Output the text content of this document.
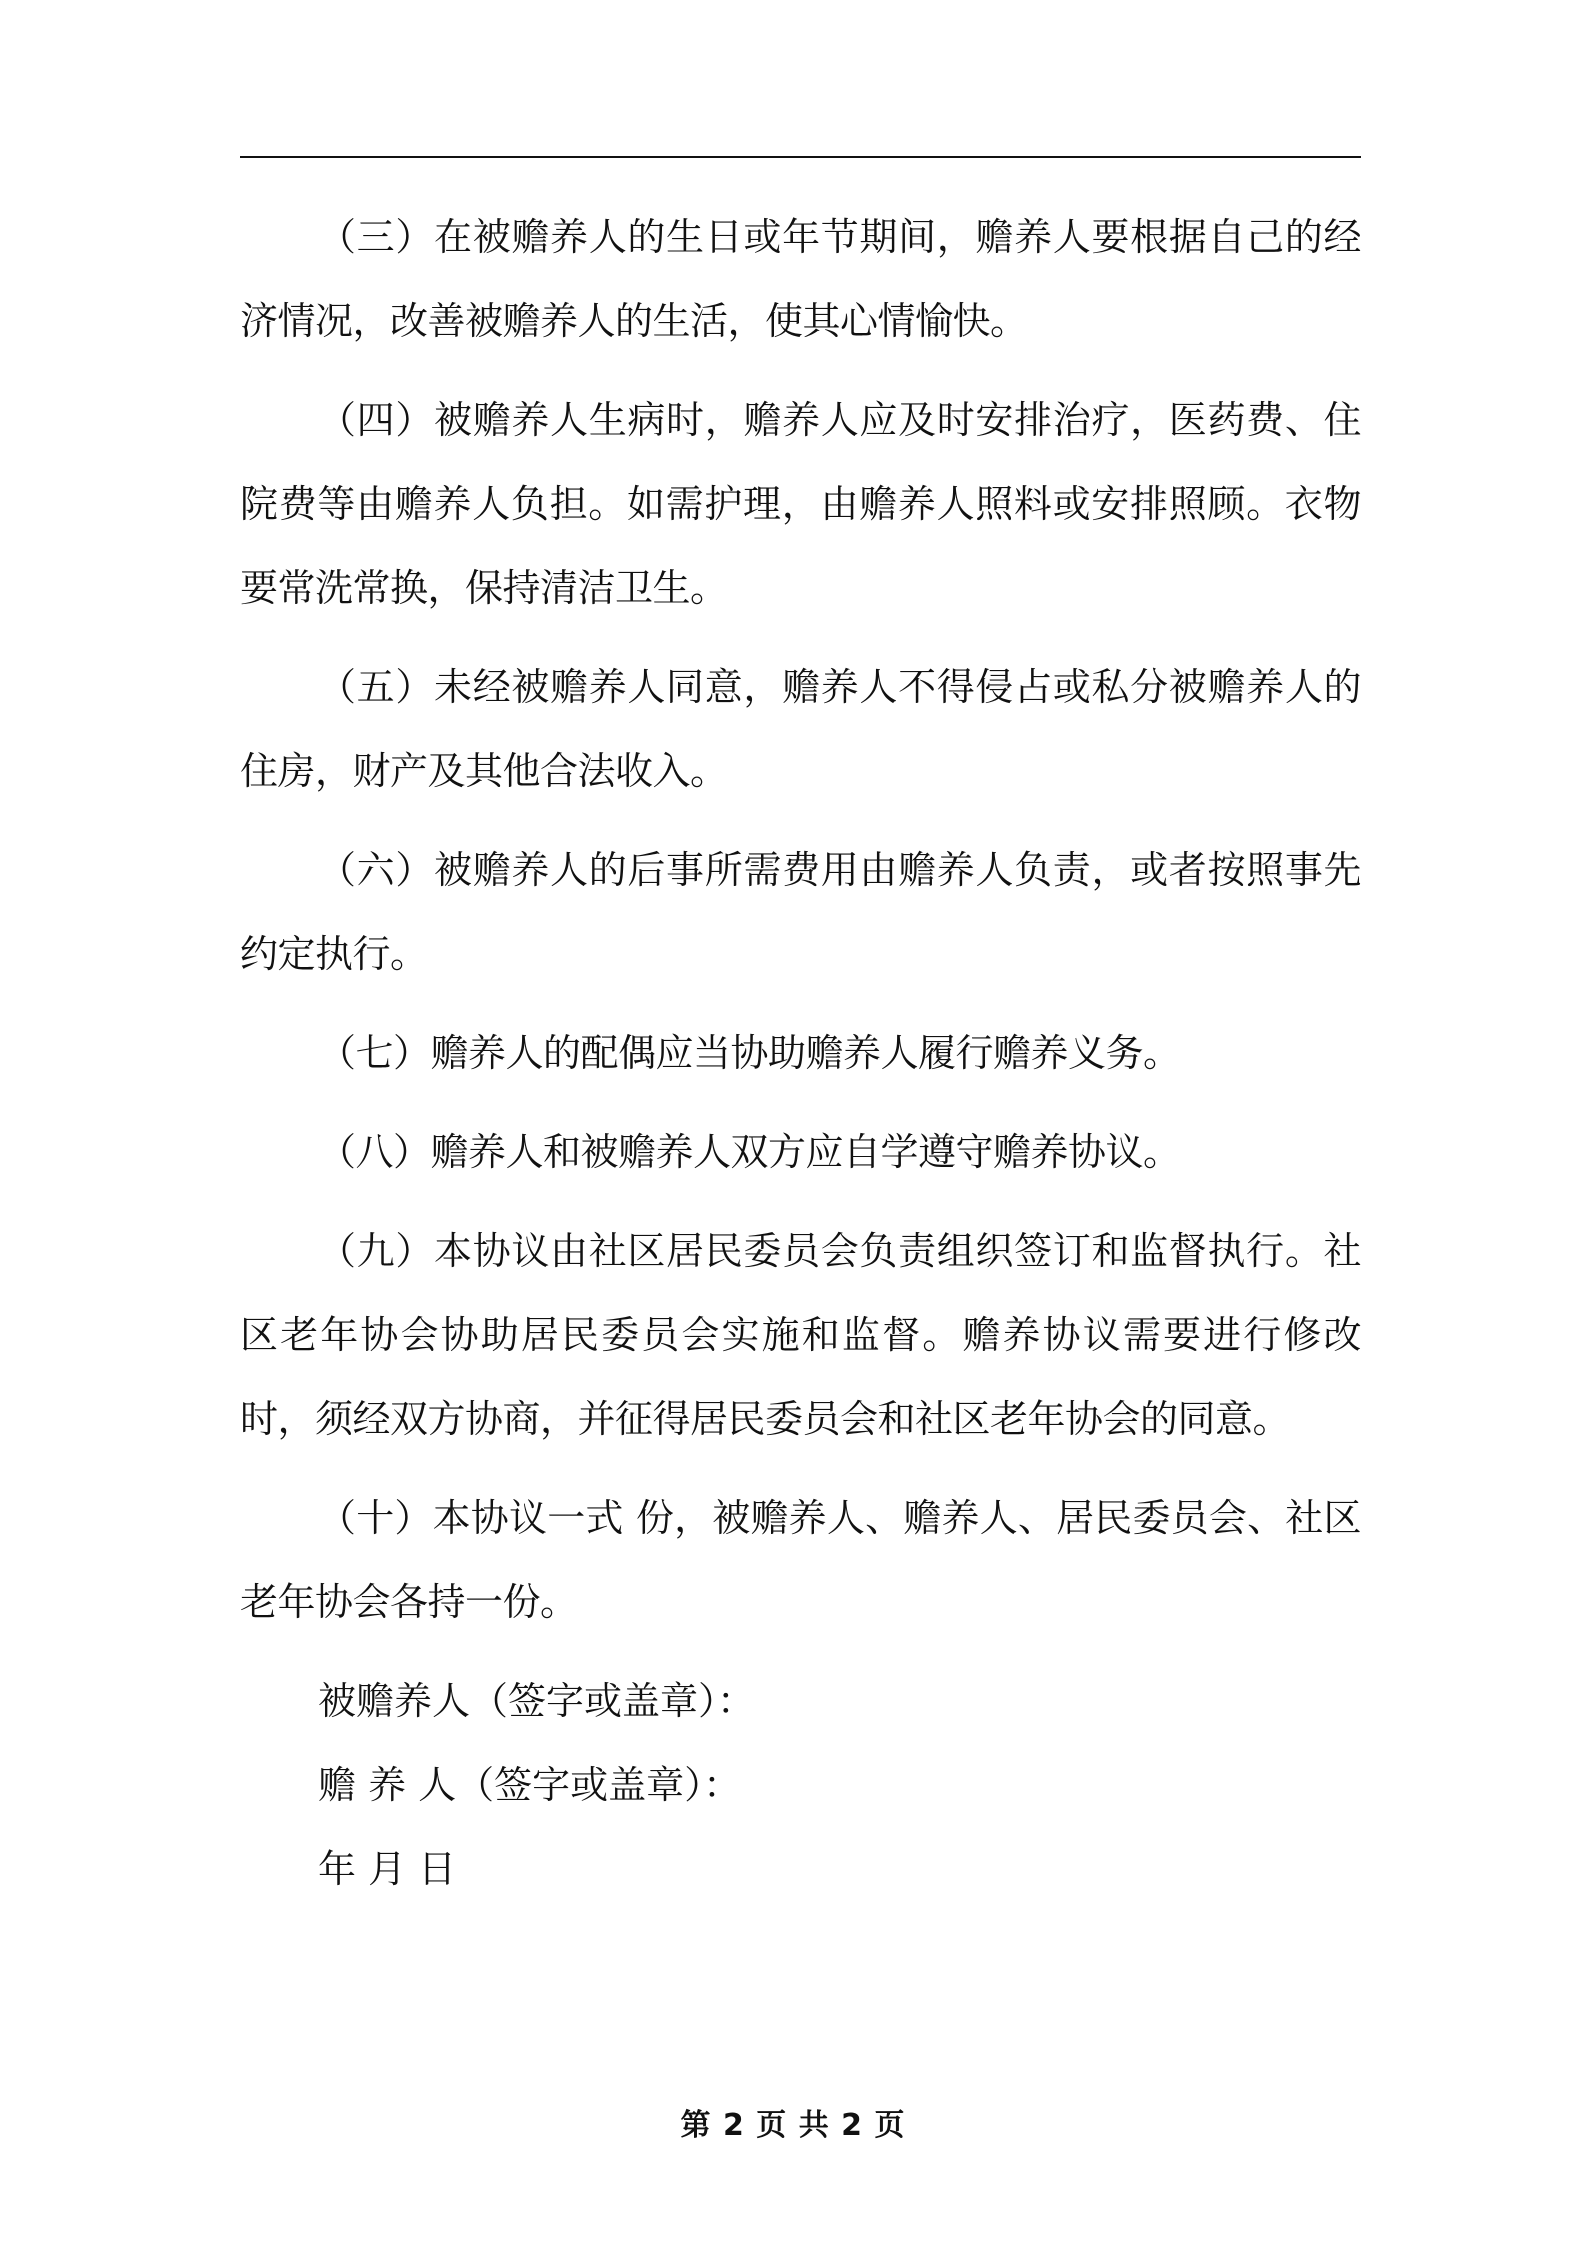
（三）在被赡养人的生日或年节期间，赡养人要根据自己的经济情况，改善被赡养人的生活，使其心情愉快。

（四）被赡养人生病时，赡养人应及时安排治疗，医药费、住院费等由赡养人负担。如需护理，由赡养人照料或安排照顾。衣物要常洗常换，保持清洁卫生。

（五）未经被赡养人同意，赡养人不得侵占或私分被赡养人的住房，财产及其他合法收入。

（六）被赡养人的后事所需费用由赡养人负责，或者按照事先约定执行。

（七）赡养人的配偶应当协助赡养人履行赡养义务。

（八）赡养人和被赡养人双方应自学遵守赡养协议。

（九）本协议由社区居民委员会负责组织签订和监督执行。社区老年协会协助居民委员会实施和监督。赡养协议需要进行修改时，须经双方协商，并征得居民委员会和社区老年协会的同意。

（十）本协议一式 份，被赡养人、赡养人、居民委员会、社区老年协会各持一份。

被赡养人（签字或盖章）：

赡 养 人（签字或盖章）：

年 月 日

第 2 页 共 2 页
